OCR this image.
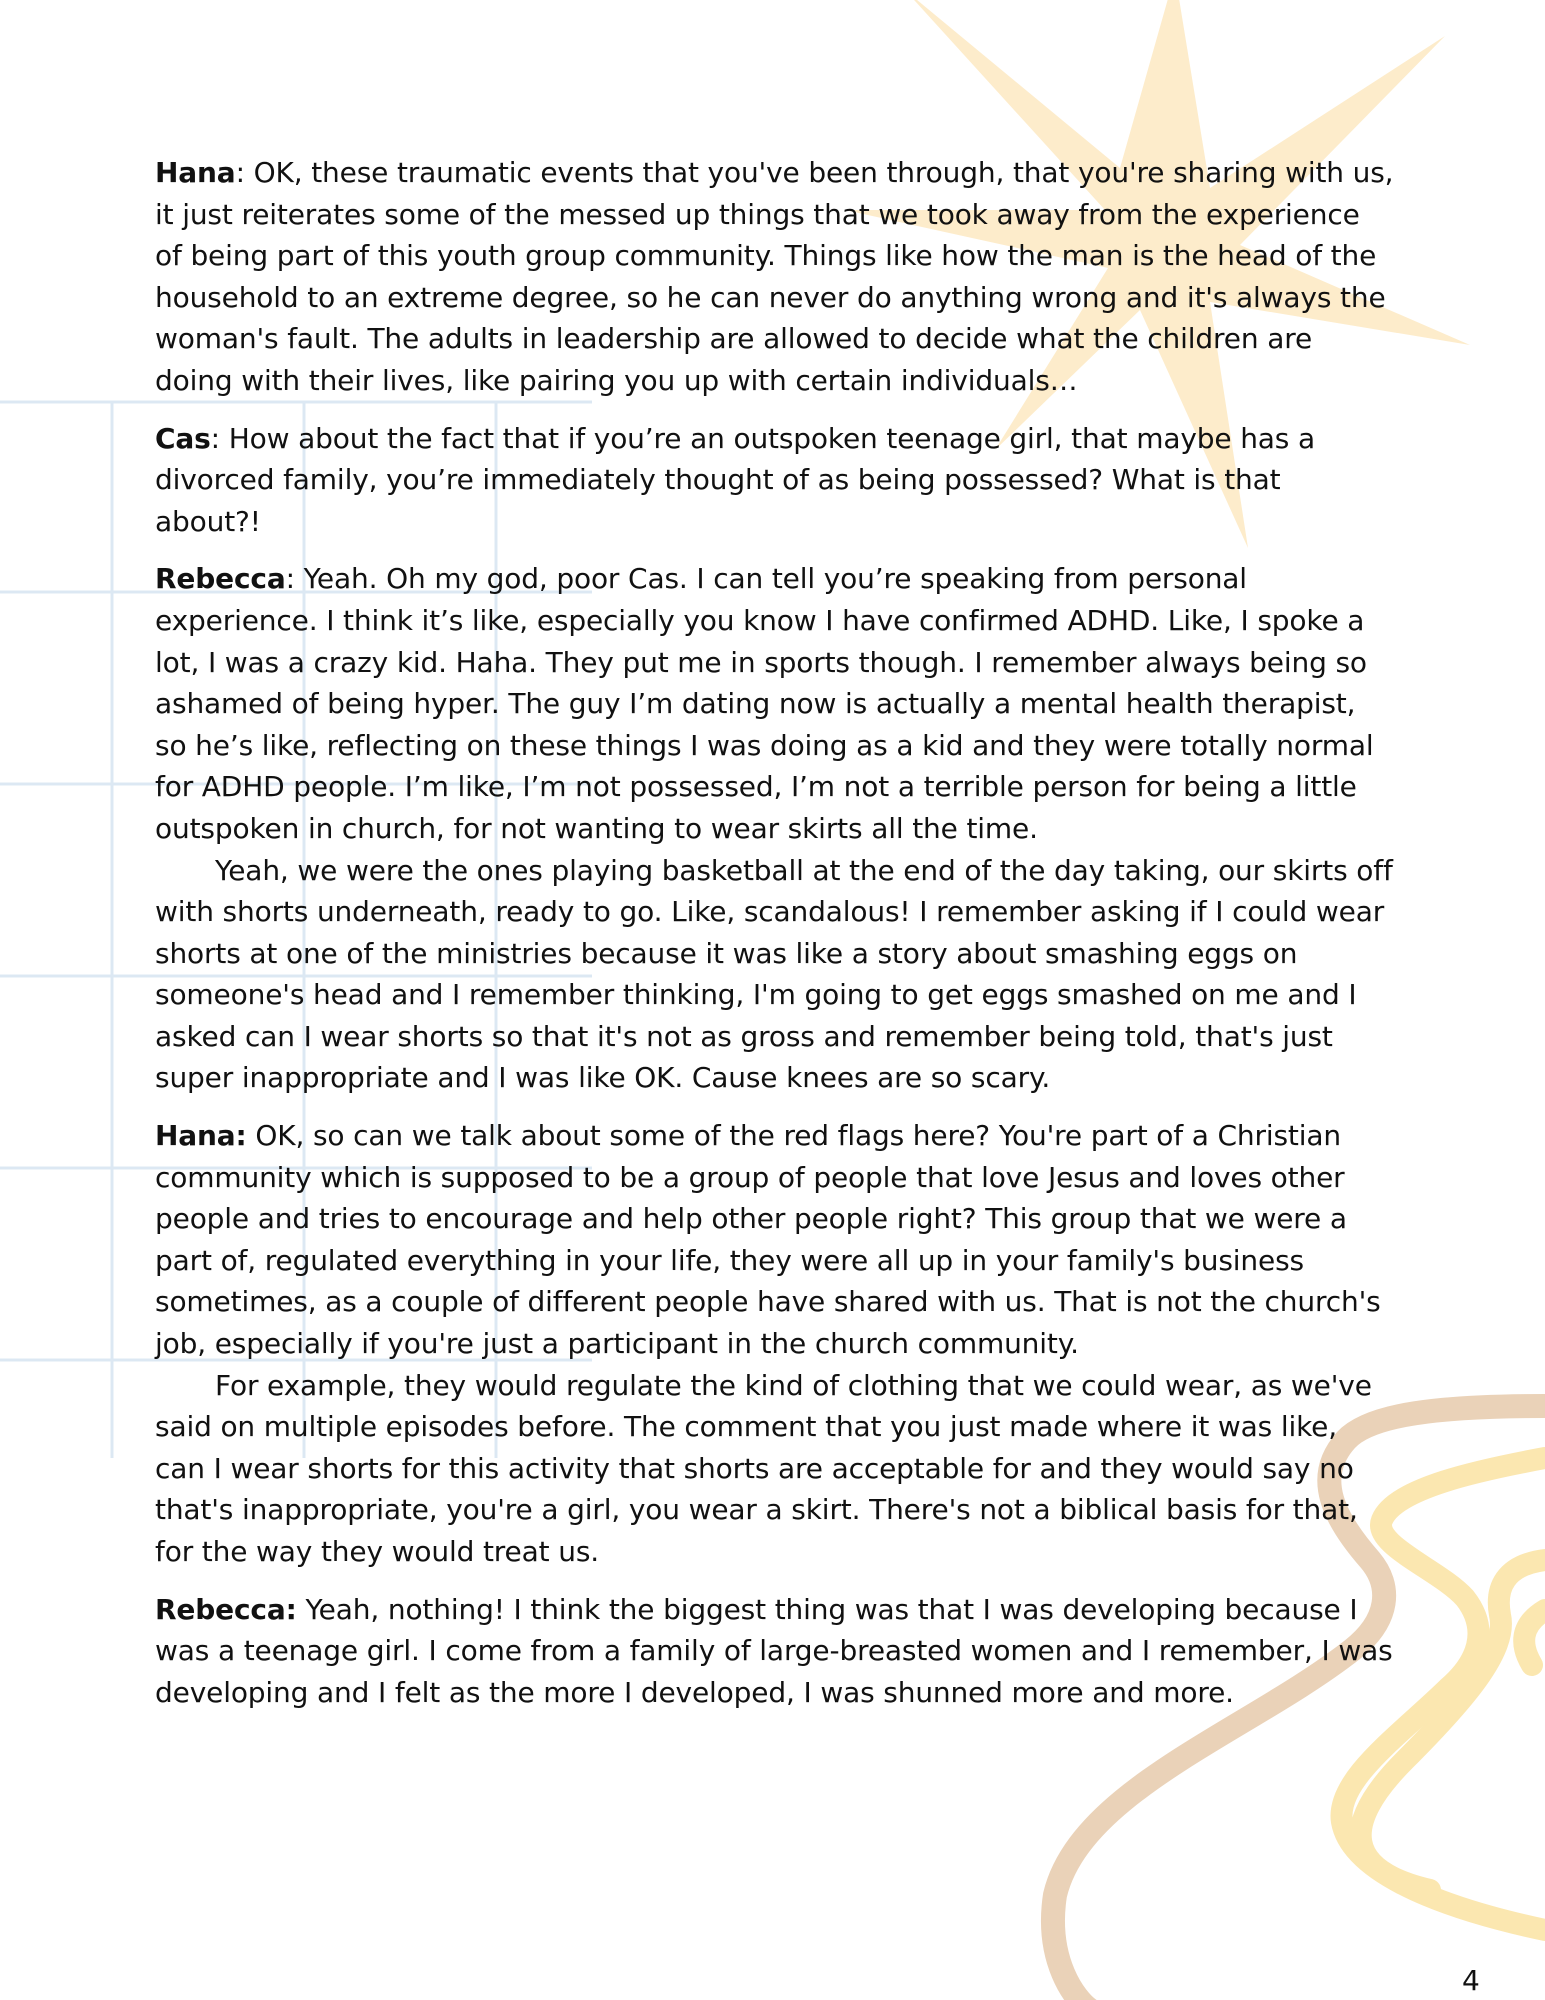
Hana: OK, these traumatic events that you've been through, that you're sharing with us, it just reiterates some of the messed up things that we took away from the experience of being part of this youth group community. Things like how the man is the head of the household to an extreme degree, so he can never do anything wrong and it's always the woman's fault. The adults in leadership are allowed to decide what the children are doing with their lives, like pairing you up with certain individuals…

Cas: How about the fact that if you’re an outspoken teenage girl, that maybe has a divorced family, you’re immediately thought of as being possessed? What is that about?!

Rebecca: Yeah. Oh my god, poor Cas. I can tell you’re speaking from personal experience. I think it’s like, especially you know I have confirmed ADHD. Like, I spoke a lot, I was a crazy kid. Haha. They put me in sports though. I remember always being so ashamed of being hyper. The guy I’m dating now is actually a mental health therapist, so he’s like, reflecting on these things I was doing as a kid and they were totally normal for ADHD people. I’m like, I’m not possessed, I’m not a terrible person for being a little outspoken in church, for not wanting to wear skirts all the time.

Yeah, we were the ones playing basketball at the end of the day taking, our skirts off with shorts underneath, ready to go. Like, scandalous! I remember asking if I could wear shorts at one of the ministries because it was like a story about smashing eggs on someone's head and I remember thinking, I'm going to get eggs smashed on me and I asked can I wear shorts so that it's not as gross and remember being told, that's just super inappropriate and I was like OK. Cause knees are so scary.

Hana: OK, so can we talk about some of the red flags here? You're part of a Christian community which is supposed to be a group of people that love Jesus and loves other people and tries to encourage and help other people right? This group that we were a part of, regulated everything in your life, they were all up in your family's business sometimes, as a couple of different people have shared with us. That is not the church's job, especially if you're just a participant in the church community.

For example, they would regulate the kind of clothing that we could wear, as we've said on multiple episodes before. The comment that you just made where it was like, can I wear shorts for this activity that shorts are acceptable for and they would say no that's inappropriate, you're a girl, you wear a skirt. There's not a biblical basis for that, for the way they would treat us.

Rebecca: Yeah, nothing! I think the biggest thing was that I was developing because I was a teenage girl. I come from a family of large-breasted women and I remember, I was developing and I felt as the more I developed, I was shunned more and more.

4
